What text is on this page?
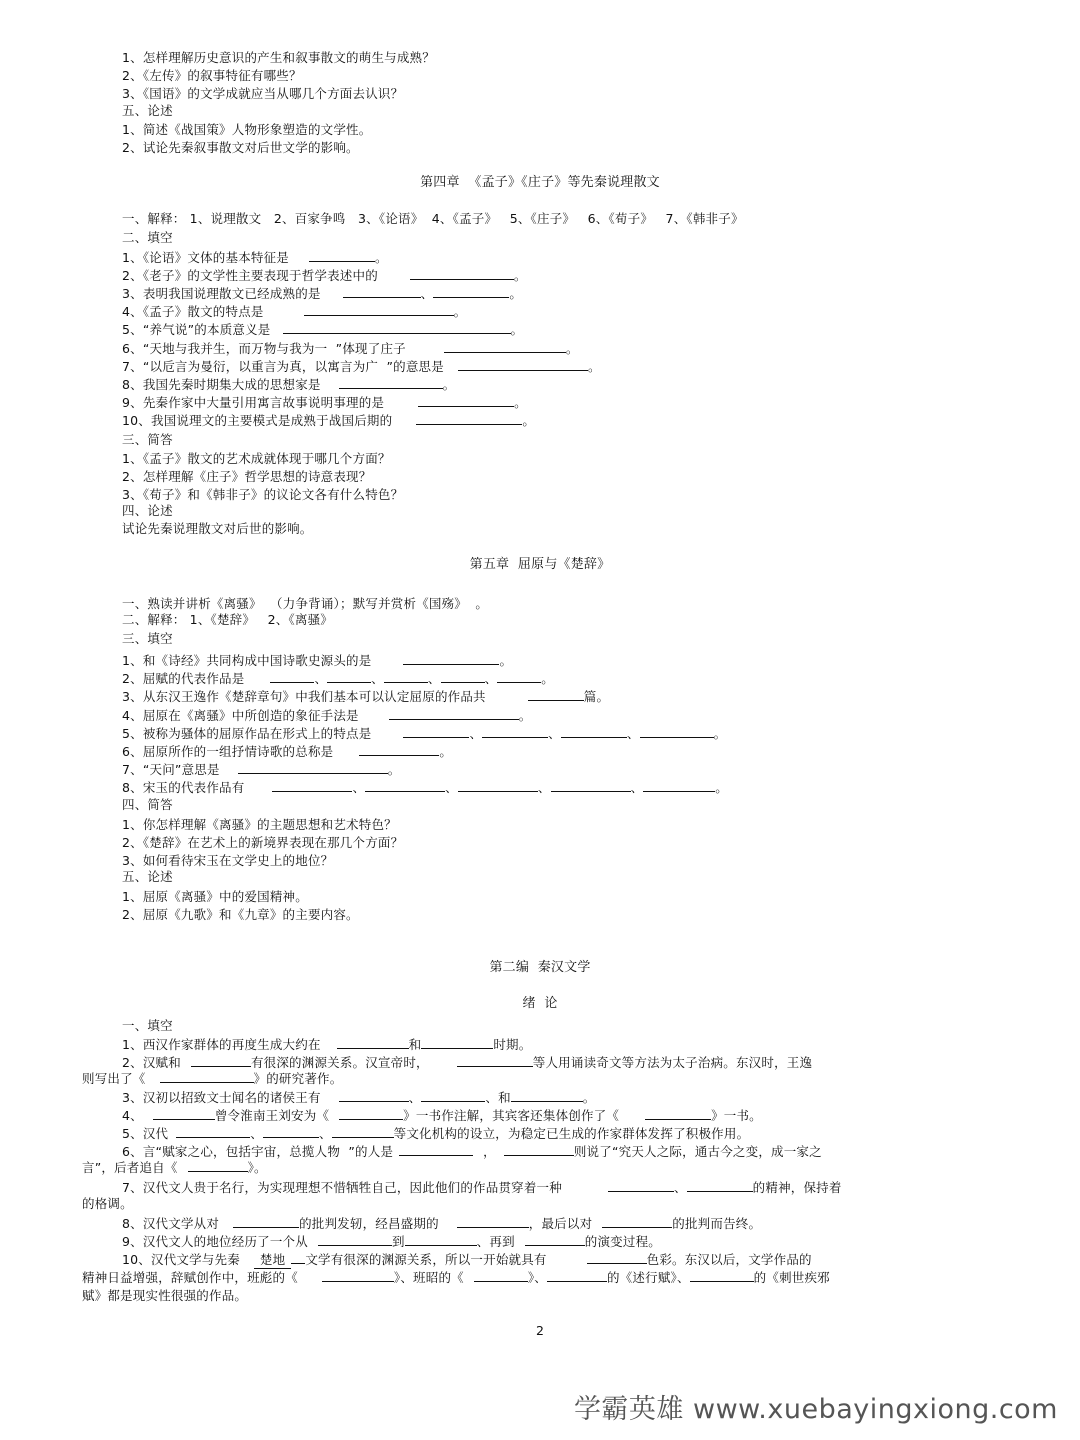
1、怎样理解历史意识的产生和叙事散文的萌生与成熟？
2、《左传》的叙事特征有哪些？
3、《国语》的文学成就应当从哪几个方面去认识？
五、论述
1、简述《战国策》人物形象塑造的文学性。
2、试论先秦叙事散文对后世文学的影响。
第四章  《孟子》《庄子》等先秦说理散文
一、解释： 1、说理散文   2、百家争鸣   3、《论语》  4、《孟子》   5、《庄子》   6、《荀子》   7、《韩非子》
二、填空
1、《论语》文体的基本特征是	。
2、《老子》的文学性主要表现于哲学表述中的	。
3、表明我国说理散文已经成熟的是	、	。
4、《孟子》散文的特点是	。
5、“养气说”的本质意义是	。
6、“天地与我并生，而万物与我为一  ”体现了庄子	。
7、“以卮言为曼衍，以重言为真，以寓言为广  ”的意思是	。
8、我国先秦时期集大成的思想家是	。
9、先秦作家中大量引用寓言故事说明事理的是	。
10、我国说理文的主要模式是成熟于战国后期的	。
三、简答
1、《孟子》散文的艺术成就体现于哪几个方面？
2、怎样理解《庄子》哲学思想的诗意表现？
3、《荀子》和《韩非子》的议论文各有什么特色？
四、论述
试论先秦说理散文对后世的影响。
第五章  屈原与《楚辞》
一、熟读并讲析《离骚》  （力争背诵）；默写并赏析《国殇》  。
二、解释： 1、《楚辞》   2、《离骚》
三、填空
1、和《诗经》共同构成中国诗歌史源头的是	。
2、屈赋的代表作品是	、	、	、	、	。
3、从东汉王逸作《楚辞章句》中我们基本可以认定屈原的作品共	篇。
4、屈原在《离骚》中所创造的象征手法是	。
5、被称为骚体的屈原作品在形式上的特点是	、	、	、	。
6、屈原所作的一组抒情诗歌的总称是	。
7、“天问”意思是	。
8、宋玉的代表作品有	、	、	、	、	。
四、简答
1、你怎样理解《离骚》的主题思想和艺术特色？
2、《楚辞》在艺术上的新境界表现在那几个方面？
3、如何看待宋玉在文学史上的地位？
五、论述
1、屈原《离骚》中的爱国精神。
2、屈原《九歌》和《九章》的主要内容。
第二编  秦汉文学
绪  论
一、填空
1、西汉作家群体的再度生成大约在	和	时期。
2、汉赋和	有很深的渊源关系。汉宣帝时，	等人用诵读奇文等方法为太子治病。东汉时，王逸
则写出了《	》的研究著作。
3、汉初以招致文士闻名的诸侯王有	、	、和	。
4、	曾令淮南王刘安为《	》一书作注解，其宾客还集体创作了《	》一书。
5、汉代	、	、	等文化机构的设立，为稳定已生成的作家群体发挥了积极作用。
6、言“赋家之心，包括宇宙，总揽人物  ”的人是	，	则说了“究天人之际，通古今之变，成一家之
言”，后者追自《	》。
7、汉代文人贵于名行，为实现理想不惜牺牲自己，因此他们的作品贯穿着一种	、	的精神，保持着
的格调。
8、汉代文学从对	的批判发轫，经昌盛期的	，最后以对	的批判而告终。
9、汉代文人的地位经历了一个从	到	、再到	的演变过程。
10、汉代文学与先秦 楚地 文学有很深的渊源关系，所以一开始就具有	色彩。东汉以后，文学作品的
精神日益增强，辞赋创作中，班彪的《	》、班昭的《	》、	的《述行赋》、	的《刺世疾邪
赋》都是现实性很强的作品。
2
学霸英雄 www.xuebayingxiong.com
